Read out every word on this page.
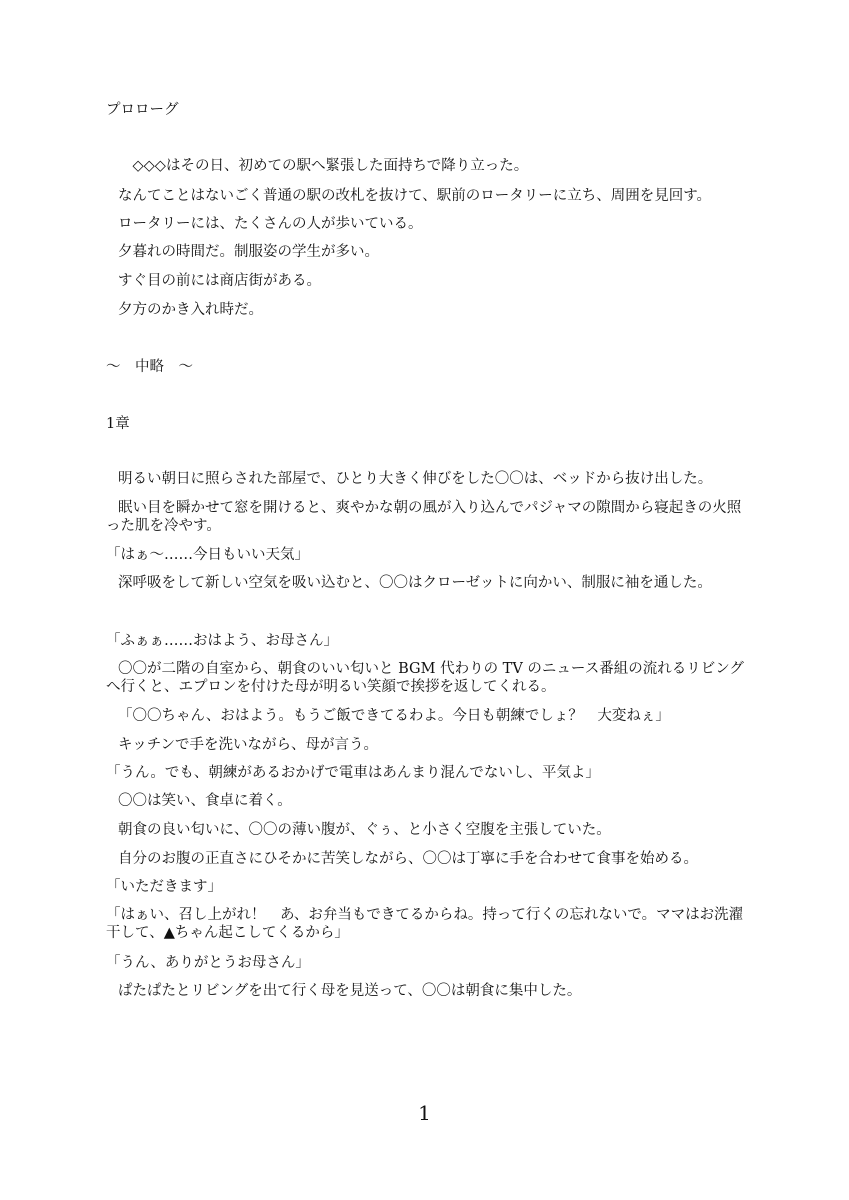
プロローグ

　◇◇◇はその日、初めての駅へ緊張した面持ちで降り立った。

なんてことはないごく普通の駅の改札を抜けて、駅前のロータリーに立ち、周囲を見回す。

ロータリーには、たくさんの人が歩いている。

夕暮れの時間だ。制服姿の学生が多い。

すぐ目の前には商店街がある。

夕方のかき入れ時だ。

～　中略　～

1章

明るい朝日に照らされた部屋で、ひとり大きく伸びをした〇〇は、ベッドから抜け出した。

眠い目を瞬かせて窓を開けると、爽やかな朝の風が入り込んでパジャマの隙間から寝起きの火照った肌を冷やす。

「はぁ～……今日もいい天気」

深呼吸をして新しい空気を吸い込むと、〇〇はクローゼットに向かい、制服に袖を通した。

「ふぁぁ……おはよう、お母さん」

〇〇が二階の自室から、朝食のいい匂いと BGM 代わりの TV のニュース番組の流れるリビングへ行くと、エプロンを付けた母が明るい笑顔で挨拶を返してくれる。

「〇〇ちゃん、おはよう。もうご飯できてるわよ。今日も朝練でしょ？　大変ねぇ」

キッチンで手を洗いながら、母が言う。

「うん。でも、朝練があるおかげで電車はあんまり混んでないし、平気よ」

〇〇は笑い、食卓に着く。

朝食の良い匂いに、〇〇の薄い腹が、ぐぅ、と小さく空腹を主張していた。

自分のお腹の正直さにひそかに苦笑しながら、〇〇は丁寧に手を合わせて食事を始める。

「いただきます」

「はぁい、召し上がれ！　あ、お弁当もできてるからね。持って行くの忘れないで。ママはお洗濯干して、▲ちゃん起こしてくるから」

「うん、ありがとうお母さん」

ぱたぱたとリビングを出て行く母を見送って、〇〇は朝食に集中した。

1
